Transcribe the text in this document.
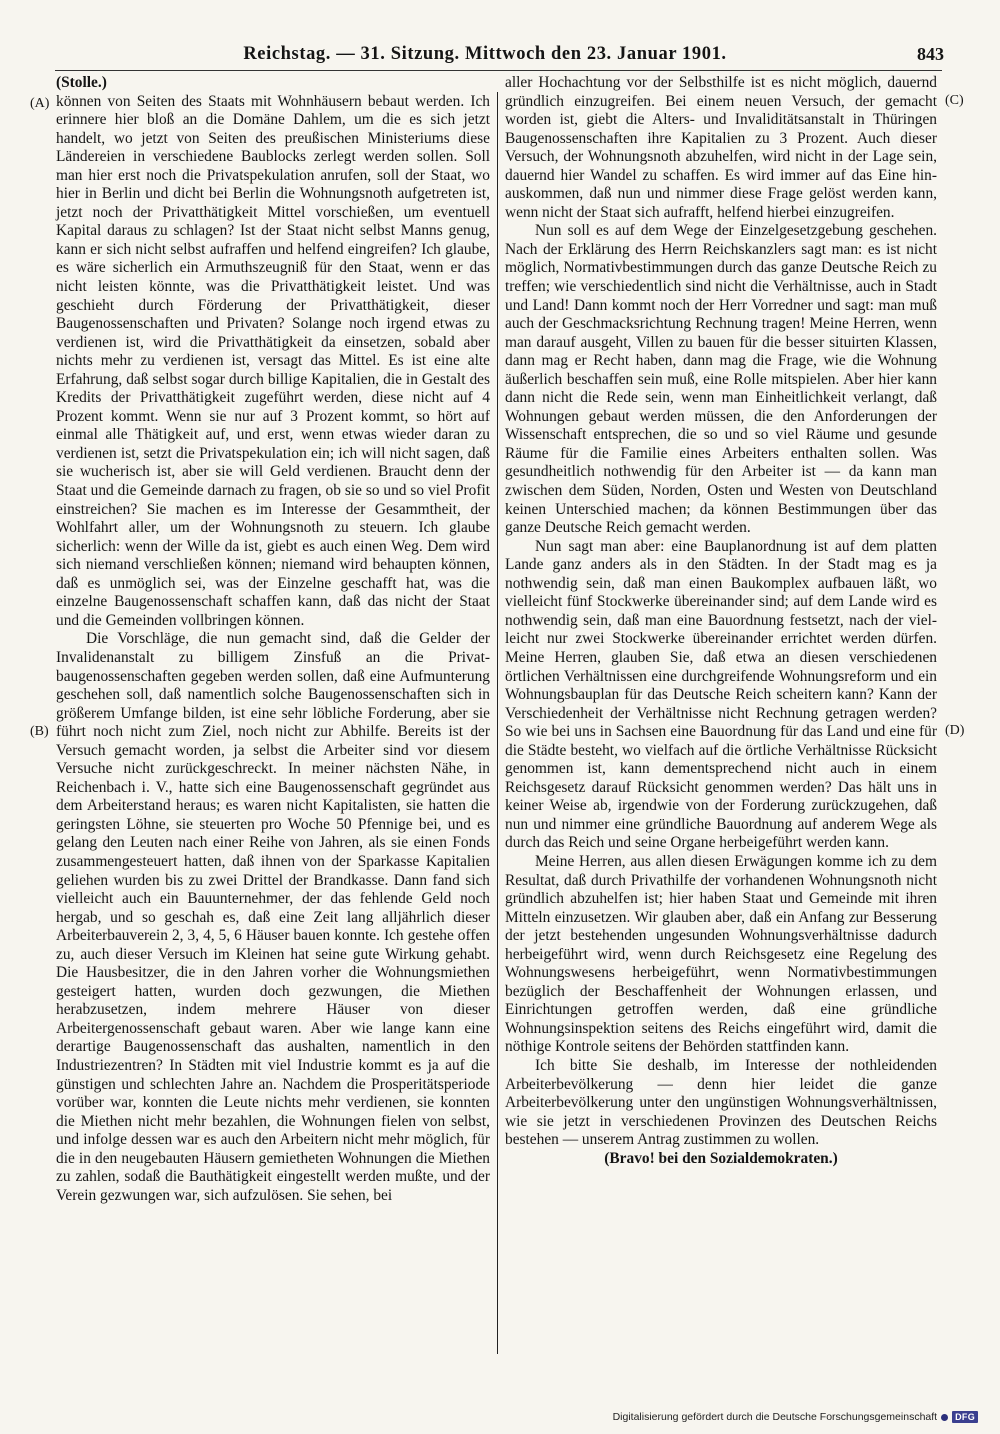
Reichstag. — 31. Sitzung. Mittwoch den 23. Januar 1901.	843
(A)
(B)
(C)
(D)

(Stolle.)

können von Seiten des Staats mit Wohnhäusern bebaut werden. Ich erinnere hier bloß an die Domäne Dahlem, um die es sich jetzt handelt, wo jetzt von Seiten des preußischen Ministeriums diese Ländereien in verschiedene Baublocks zerlegt werden sollen. Soll man hier erst noch die Privatspekulation anrufen, soll der Staat, wo hier in Berlin und dicht bei Berlin die Wohnungsnoth aufgetreten ist, jetzt noch der Privatthätigkeit Mittel vorschießen, um eventuell Kapital daraus zu schlagen? Ist der Staat nicht selbst Manns genug, kann er sich nicht selbst aufraffen und helfend eingreifen? Ich glaube, es wäre sicherlich ein Armuthszeugniß für den Staat, wenn er das nicht leisten könnte, was die Privatthätigkeit leistet. Und was geschieht durch Förderung der Privatthätigkeit, dieser Baugenossenschaften und Privaten? Solange noch irgend etwas zu verdienen ist, wird die Privatthätigkeit da einsetzen, sobald aber nichts mehr zu verdienen ist, versagt das Mittel. Es ist eine alte Erfahrung, daß selbst sogar durch billige Kapitalien, die in Gestalt des Kredits der Privatthätigkeit zugeführt werden, diese nicht auf 4 Prozent kommt. Wenn sie nur auf 3 Prozent kommt, so hört auf einmal alle Thätigkeit auf, und erst, wenn etwas wieder daran zu verdienen ist, setzt die Privatspekulation ein; ich will nicht sagen, daß sie wucherisch ist, aber sie will Geld verdienen. Braucht denn der Staat und die Gemeinde darnach zu fragen, ob sie so und so viel Profit einstreichen? Sie machen es im Interesse der Gesammtheit, der Wohlfahrt aller, um der Wohnungsnoth zu steuern. Ich glaube sicherlich: wenn der Wille da ist, giebt es auch einen Weg. Dem wird sich niemand verschließen können; niemand wird behaupten können, daß es unmöglich sei, was der Einzelne geschafft hat, was die einzelne Baugenossenschaft schaffen kann, daß das nicht der Staat und die Gemeinden vollbringen können.

Die Vorschläge, die nun gemacht sind, daß die Gelder der Invalidenanstalt zu billigem Zinsfuß an die Privatbaugenossenschaften gegeben werden sollen, daß eine Aufmunterung geschehen soll, daß namentlich solche Baugenossenschaften sich in größerem Umfange bilden, ist eine sehr löbliche Forderung, aber sie führt noch nicht zum Ziel, noch nicht zur Abhilfe. Bereits ist der Versuch gemacht worden, ja selbst die Arbeiter sind vor diesem Versuche nicht zurückgeschreckt. In meiner nächsten Nähe, in Reichenbach i. V., hatte sich eine Baugenossenschaft gegründet aus dem Arbeiterstand heraus; es waren nicht Kapitalisten, sie hatten die geringsten Löhne, sie steuerten pro Woche 50 Pfennige bei, und es gelang den Leuten nach einer Reihe von Jahren, als sie einen Fonds zusammengesteuert hatten, daß ihnen von der Sparkasse Kapitalien geliehen wurden bis zu zwei Drittel der Brandkasse. Dann fand sich vielleicht auch ein Bauunternehmer, der das fehlende Geld noch hergab, und so geschah es, daß eine Zeit lang alljährlich dieser Arbeiterbauverein 2, 3, 4, 5, 6 Häuser bauen konnte. Ich gestehe offen zu, auch dieser Versuch im Kleinen hat seine gute Wirkung gehabt. Die Hausbesitzer, die in den Jahren vorher die Wohnungsmiethen gesteigert hatten, wurden doch gezwungen, die Miethen herabzusetzen, indem mehrere Häuser von dieser Arbeitergenossenschaft gebaut waren. Aber wie lange kann eine derartige Baugenossenschaft das aushalten, namentlich in den Industriezentren? In Städten mit viel Industrie kommt es ja auf die günstigen und schlechten Jahre an. Nachdem die Prosperitätsperiode vorüber war, konnten die Leute nichts mehr verdienen, sie konnten die Miethen nicht mehr bezahlen, die Wohnungen fielen von selbst, und infolge dessen war es auch den Arbeitern nicht mehr möglich, für die in den neugebauten Häusern gemietheten Wohnungen die Miethen zu zahlen, sodaß die Bauthätigkeit eingestellt werden mußte, und der Verein gezwungen war, sich aufzulösen. Sie sehen, bei

aller Hochachtung vor der Selbsthilfe ist es nicht möglich, dauernd gründlich einzugreifen. Bei einem neuen Versuch, der gemacht worden ist, giebt die Alters- und Invaliditätsanstalt in Thüringen Baugenossenschaften ihre Kapitalien zu 3 Prozent. Auch dieser Versuch, der Wohnungsnoth abzuhelfen, wird nicht in der Lage sein, dauernd hier Wandel zu schaffen. Es wird immer auf das Eine hinauskommen, daß nun und nimmer diese Frage gelöst werden kann, wenn nicht der Staat sich aufrafft, helfend hierbei einzugreifen.

Nun soll es auf dem Wege der Einzelgesetzgebung geschehen. Nach der Erklärung des Herrn Reichskanzlers sagt man: es ist nicht möglich, Normativbestimmungen durch das ganze Deutsche Reich zu treffen; wie verschiedentlich sind nicht die Verhältnisse, auch in Stadt und Land! Dann kommt noch der Herr Vorredner und sagt: man muß auch der Geschmacksrichtung Rechnung tragen! Meine Herren, wenn man darauf ausgeht, Villen zu bauen für die besser situirten Klassen, dann mag er Recht haben, dann mag die Frage, wie die Wohnung äußerlich beschaffen sein muß, eine Rolle mitspielen. Aber hier kann dann nicht die Rede sein, wenn man Einheitlichkeit verlangt, daß Wohnungen gebaut werden müssen, die den Anforderungen der Wissenschaft entsprechen, die so und so viel Räume und gesunde Räume für die Familie eines Arbeiters enthalten sollen. Was gesundheitlich nothwendig für den Arbeiter ist — da kann man zwischen dem Süden, Norden, Osten und Westen von Deutschland keinen Unterschied machen; da können Bestimmungen über das ganze Deutsche Reich gemacht werden.

Nun sagt man aber: eine Bauplanordnung ist auf dem platten Lande ganz anders als in den Städten. In der Stadt mag es ja nothwendig sein, daß man einen Baukomplex aufbauen läßt, wo vielleicht fünf Stockwerke übereinander sind; auf dem Lande wird es nothwendig sein, daß man eine Bauordnung festsetzt, nach der vielleicht nur zwei Stockwerke übereinander errichtet werden dürfen. Meine Herren, glauben Sie, daß etwa an diesen verschiedenen örtlichen Verhältnissen eine durchgreifende Wohnungsreform und ein Wohnungsbauplan für das Deutsche Reich scheitern kann? Kann der Verschiedenheit der Verhältnisse nicht Rechnung getragen werden? So wie bei uns in Sachsen eine Bauordnung für das Land und eine für die Städte besteht, wo vielfach auf die örtliche Verhältnisse Rücksicht genommen ist, kann dementsprechend nicht auch in einem Reichsgesetz darauf Rücksicht genommen werden? Das hält uns in keiner Weise ab, irgendwie von der Forderung zurückzugehen, daß nun und nimmer eine gründliche Bauordnung auf anderem Wege als durch das Reich und seine Organe herbeigeführt werden kann.

Meine Herren, aus allen diesen Erwägungen komme ich zu dem Resultat, daß durch Privathilfe der vorhandenen Wohnungsnoth nicht gründlich abzuhelfen ist; hier haben Staat und Gemeinde mit ihren Mitteln einzusetzen. Wir glauben aber, daß ein Anfang zur Besserung der jetzt bestehenden ungesunden Wohnungsverhältnisse dadurch herbeigeführt wird, wenn durch Reichsgesetz eine Regelung des Wohnungswesens herbeigeführt, wenn Normativbestimmungen bezüglich der Beschaffenheit der Wohnungen erlassen, und Einrichtungen getroffen werden, daß eine gründliche Wohnungsinspektion seitens des Reichs eingeführt wird, damit die nöthige Kontrole seitens der Behörden stattfinden kann.

Ich bitte Sie deshalb, im Interesse der nothleidenden Arbeiterbevölkerung — denn hier leidet die ganze Arbeiterbevölkerung unter den ungünstigen Wohnungsverhältnissen, wie sie jetzt in verschiedenen Provinzen des Deutschen Reichs bestehen — unserem Antrag zustimmen zu wollen.

(Bravo! bei den Sozialdemokraten.)

Digitalisierung gefördert durch die Deutsche Forschungsgemeinschaft	DFG
